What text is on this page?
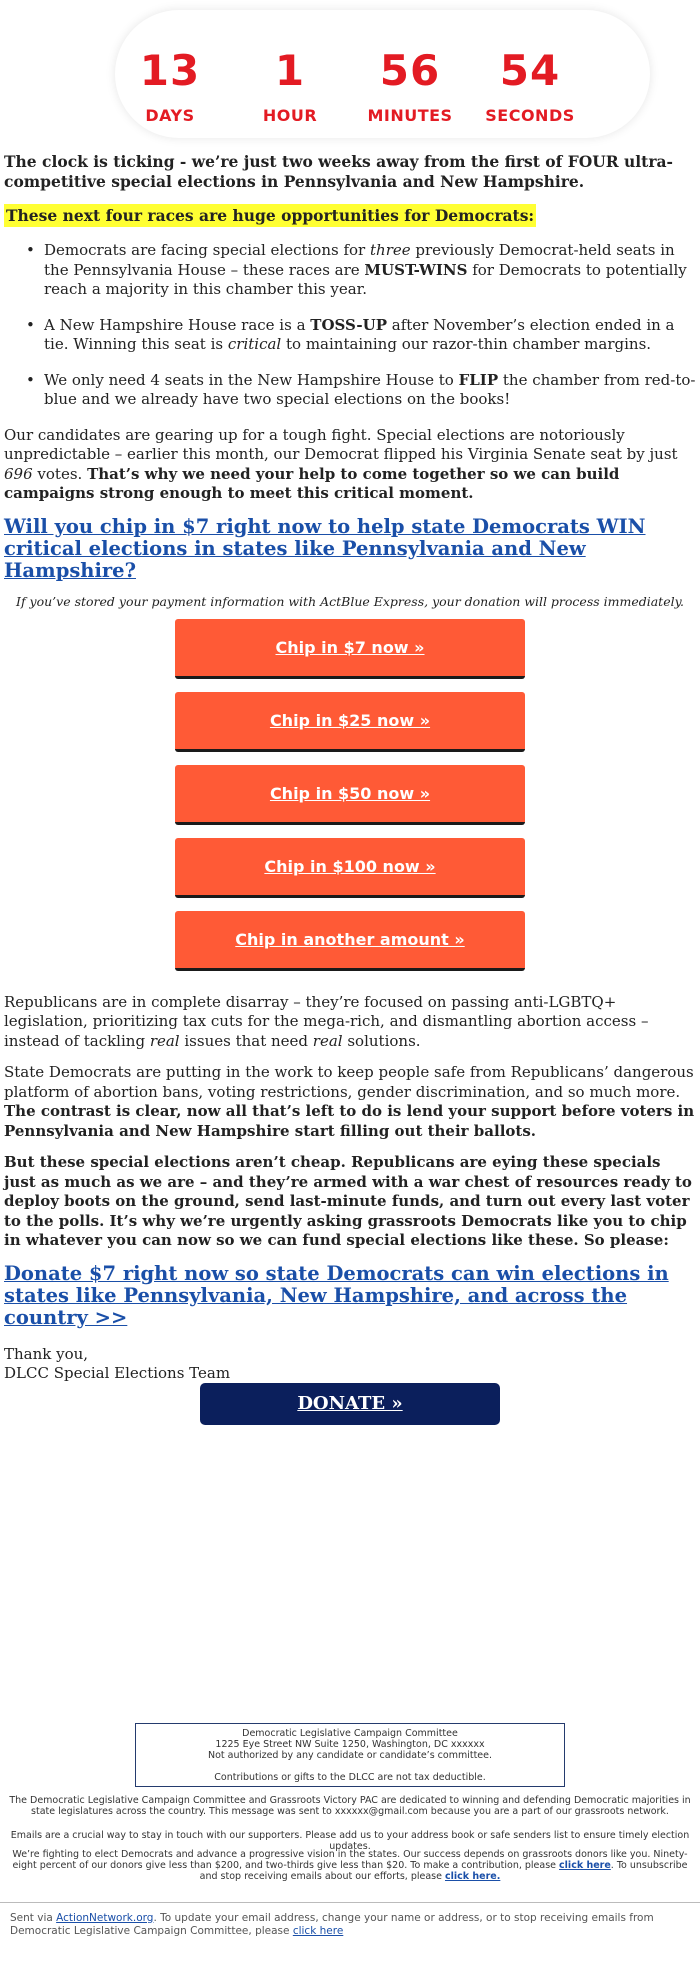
13
DAYS
1
HOUR
56
MINUTES
54
SECONDS

The clock is ticking - we’re just two weeks away from the first of FOUR ultra-competitive special elections in Pennsylvania and New Hampshire.

These next four races are huge opportunities for Democrats:
• Democrats are facing special elections for three previously Democrat-held seats in the Pennsylvania House – these races are MUST-WINS for Democrats to potentially reach a majority in this chamber this year.
• A New Hampshire House race is a TOSS-UP after November’s election ended in a tie. Winning this seat is critical to maintaining our razor-thin chamber margins.
• We only need 4 seats in the New Hampshire House to FLIP the chamber from red-to-blue and we already have two special elections on the books!

Our candidates are gearing up for a tough fight. Special elections are notoriously unpredictable – earlier this month, our Democrat flipped his Virginia Senate seat by just 696 votes. That’s why we need your help to come together so we can build campaigns strong enough to meet this critical moment.

Will you chip in $7 right now to help state Democrats WIN critical elections in states like Pennsylvania and New Hampshire?
If you’ve stored your payment information with ActBlue Express, your donation will process immediately.
Chip in $7 now »
Chip in $25 now »
Chip in $50 now »
Chip in $100 now »
Chip in another amount »

Republicans are in complete disarray – they’re focused on passing anti-LGBTQ+ legislation, prioritizing tax cuts for the mega-rich, and dismantling abortion access – instead of tackling real issues that need real solutions.

State Democrats are putting in the work to keep people safe from Republicans’ dangerous platform of abortion bans, voting restrictions, gender discrimination, and so much more. The contrast is clear, now all that’s left to do is lend your support before voters in Pennsylvania and New Hampshire start filling out their ballots.

But these special elections aren’t cheap. Republicans are eying these specials just as much as we are – and they’re armed with a war chest of resources ready to deploy boots on the ground, send last-minute funds, and turn out every last voter to the polls. It’s why we’re urgently asking grassroots Democrats like you to chip in whatever you can now so we can fund special elections like these. So please:

Donate $7 right now so state Democrats can win elections in states like Pennsylvania, New Hampshire, and across the country >>
Thank you,
DLCC Special Elections Team
DONATE »
Democratic Legislative Campaign Committee
1225 Eye Street NW Suite 1250, Washington, DC xxxxxx
Not authorized by any candidate or candidate’s committee.
Contributions or gifts to the DLCC are not tax deductible.
The Democratic Legislative Campaign Committee and Grassroots Victory PAC are dedicated to winning and defending Democratic majorities in state legislatures across the country. This message was sent to xxxxxx@gmail.com because you are a part of our grassroots network.
Emails are a crucial way to stay in touch with our supporters. Please add us to your address book or safe senders list to ensure timely election updates.
We’re fighting to elect Democrats and advance a progressive vision in the states. Our success depends on grassroots donors like you. Ninety-eight percent of our donors give less than $200, and two-thirds give less than $20. To make a contribution, please click here. To unsubscribe and stop receiving emails about our efforts, please click here.
Sent via ActionNetwork.org. To update your email address, change your name or address, or to stop receiving emails from Democratic Legislative Campaign Committee, please click here
